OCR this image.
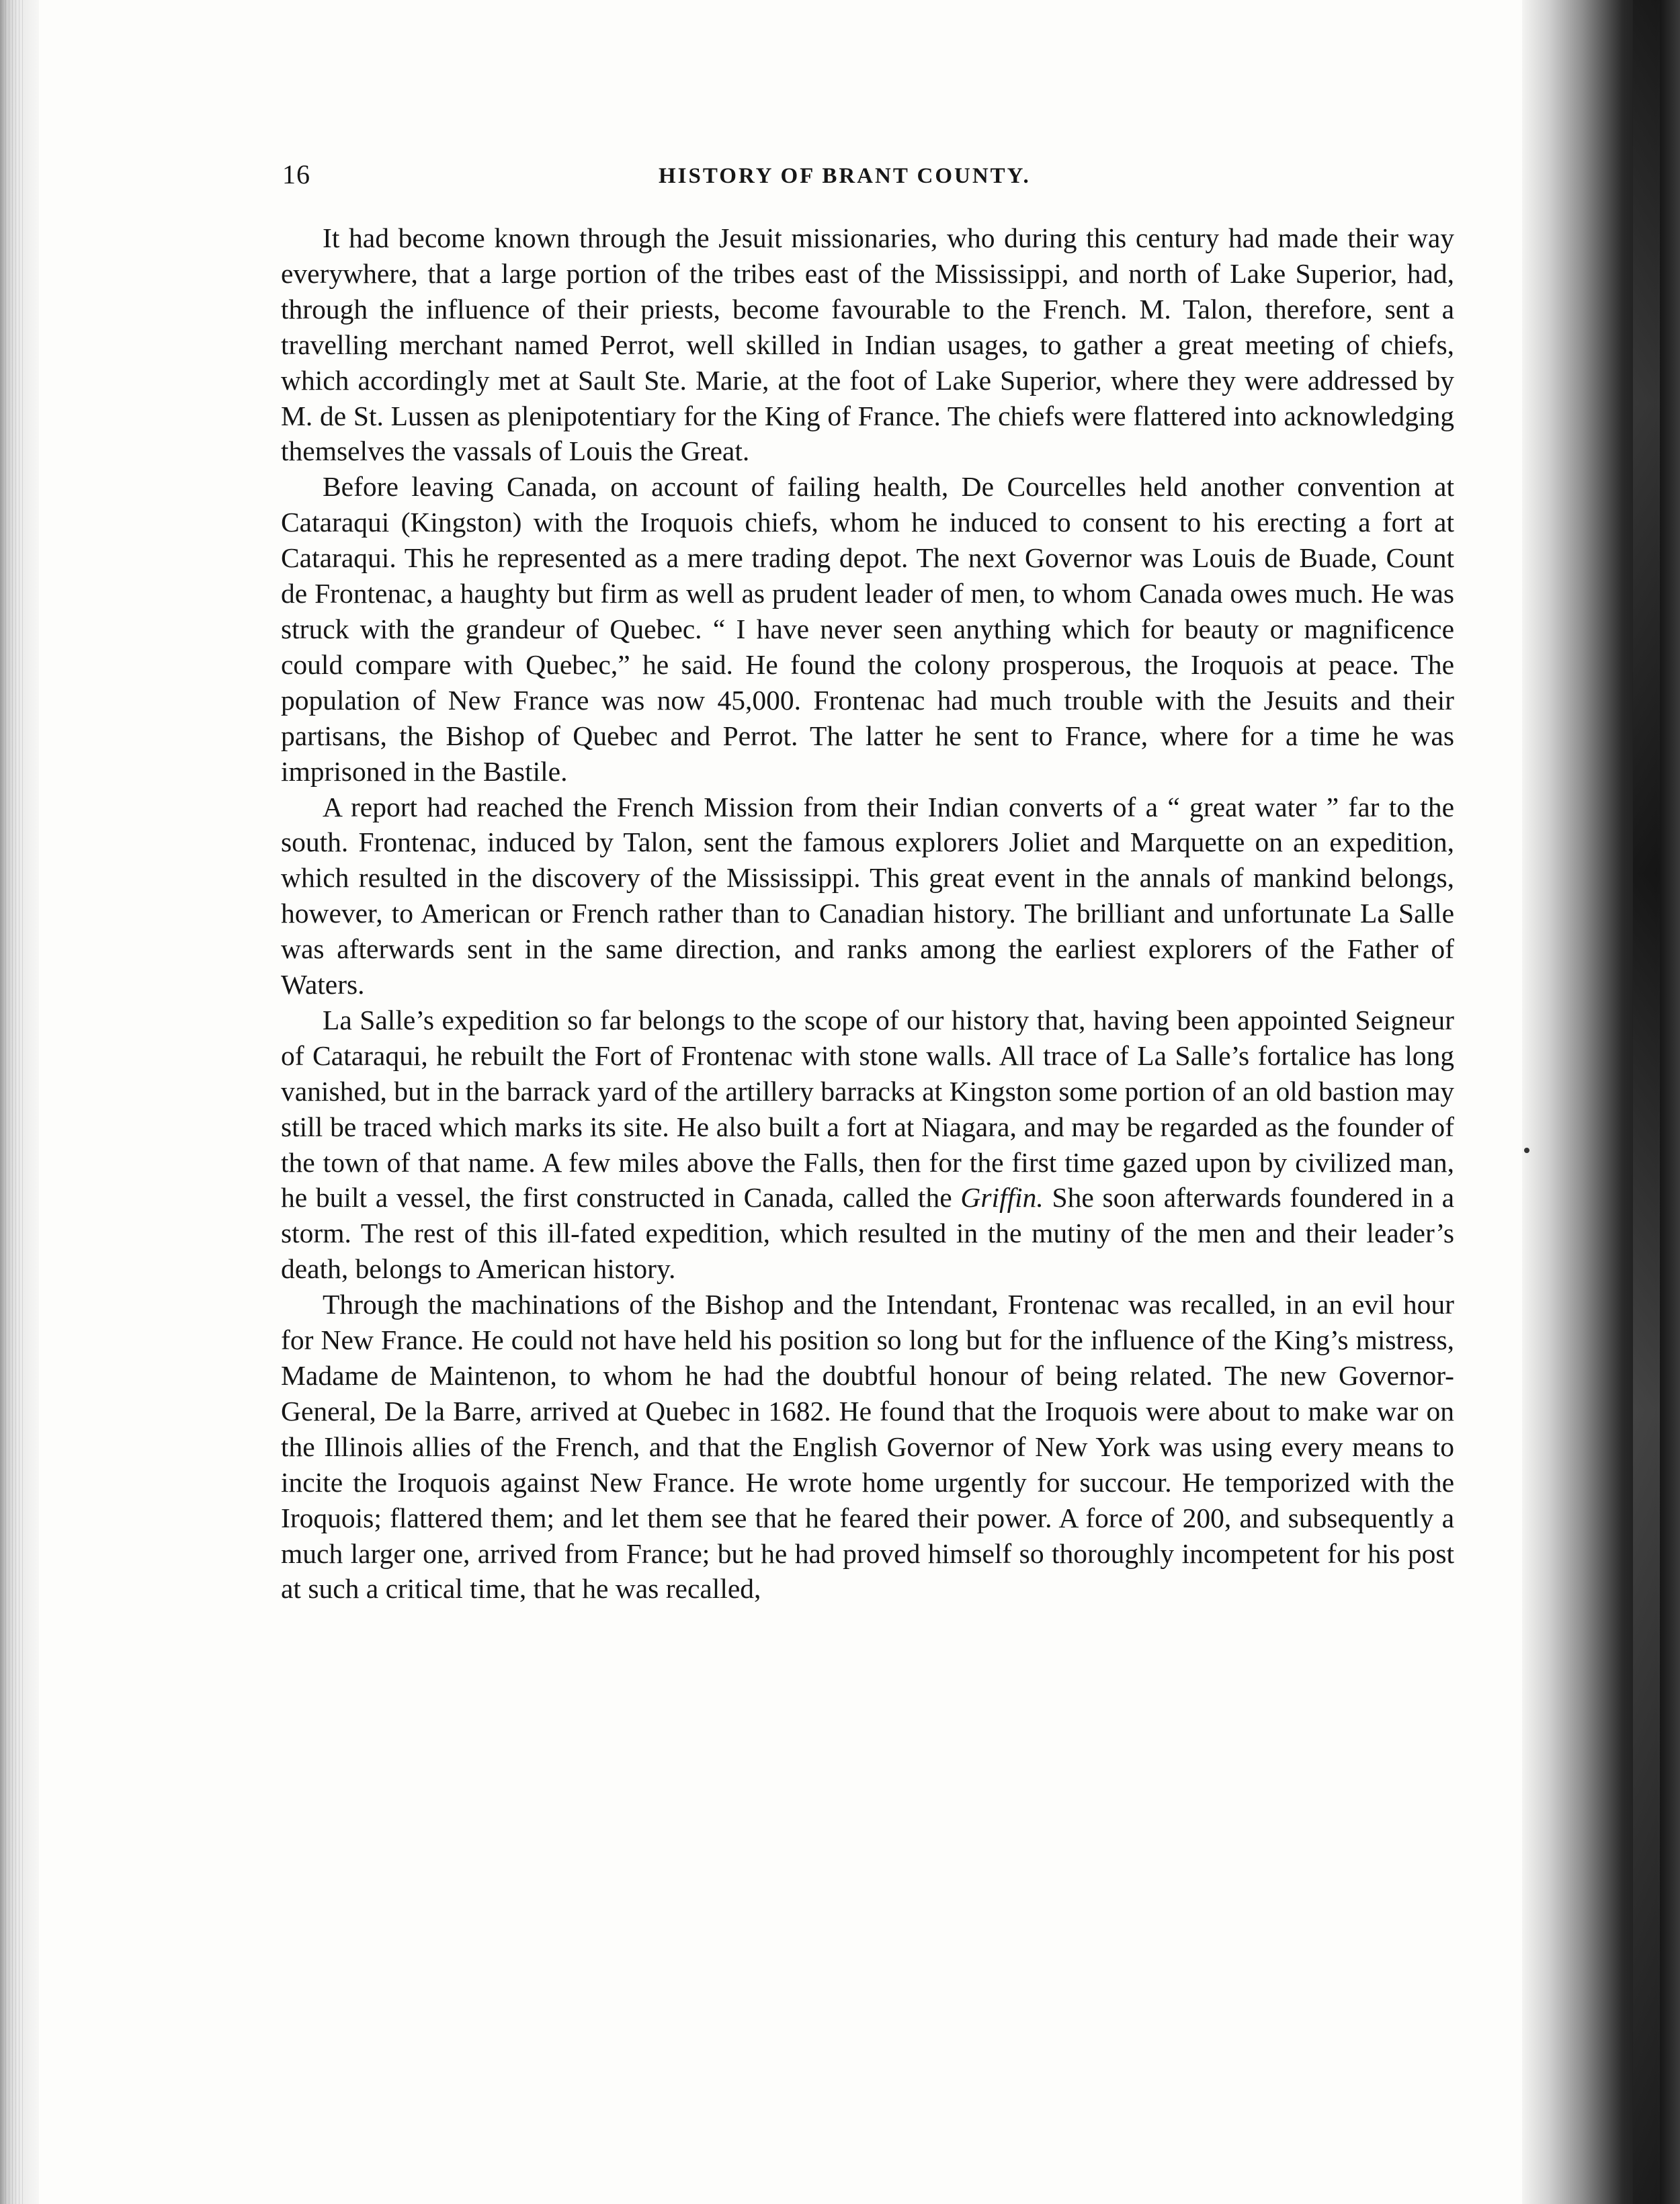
16	HISTORY OF BRANT COUNTY.

It had become known through the Jesuit missionaries, who during this century had made their way everywhere, that a large portion of the tribes east of the Mississippi, and north of Lake Superior, had, through the influence of their priests, become favourable to the French. M. Talon, therefore, sent a travelling merchant named Perrot, well skilled in Indian usages, to gather a great meeting of chiefs, which accordingly met at Sault Ste. Marie, at the foot of Lake Superior, where they were addressed by M. de St. Lussen as plenipotentiary for the King of France. The chiefs were flattered into acknowledging themselves the vassals of Louis the Great.

Before leaving Canada, on account of failing health, De Courcelles held another convention at Cataraqui (Kingston) with the Iroquois chiefs, whom he induced to consent to his erecting a fort at Cataraqui. This he represented as a mere trading depot. The next Governor was Louis de Buade, Count de Frontenac, a haughty but firm as well as prudent leader of men, to whom Canada owes much. He was struck with the grandeur of Quebec. “ I have never seen anything which for beauty or magnificence could compare with Quebec,” he said. He found the colony prosperous, the Iroquois at peace. The population of New France was now 45,000. Frontenac had much trouble with the Jesuits and their partisans, the Bishop of Quebec and Perrot. The latter he sent to France, where for a time he was imprisoned in the Bastile.

A report had reached the French Mission from their Indian converts of a “ great water ” far to the south. Frontenac, induced by Talon, sent the famous explorers Joliet and Marquette on an expedition, which resulted in the discovery of the Mississippi. This great event in the annals of mankind belongs, however, to American or French rather than to Canadian history. The brilliant and unfortunate La Salle was afterwards sent in the same direction, and ranks among the earliest explorers of the Father of Waters.

La Salle’s expedition so far belongs to the scope of our history that, having been appointed Seigneur of Cataraqui, he rebuilt the Fort of Frontenac with stone walls. All trace of La Salle’s fortalice has long vanished, but in the barrack yard of the artillery barracks at Kingston some portion of an old bastion may still be traced which marks its site. He also built a fort at Niagara, and may be regarded as the founder of the town of that name. A few miles above the Falls, then for the first time gazed upon by civilized man, he built a vessel, the first constructed in Canada, called the Griffin. She soon afterwards foundered in a storm. The rest of this ill-fated expedition, which resulted in the mutiny of the men and their leader’s death, belongs to American history.

Through the machinations of the Bishop and the Intendant, Frontenac was recalled, in an evil hour for New France. He could not have held his position so long but for the influence of the King’s mistress, Madame de Maintenon, to whom he had the doubtful honour of being related. The new Governor-General, De la Barre, arrived at Quebec in 1682. He found that the Iroquois were about to make war on the Illinois allies of the French, and that the English Governor of New York was using every means to incite the Iroquois against New France. He wrote home urgently for succour. He temporized with the Iroquois; flattered them; and let them see that he feared their power. A force of 200, and subsequently a much larger one, arrived from France; but he had proved himself so thoroughly incompetent for his post at such a critical time, that he was recalled,
